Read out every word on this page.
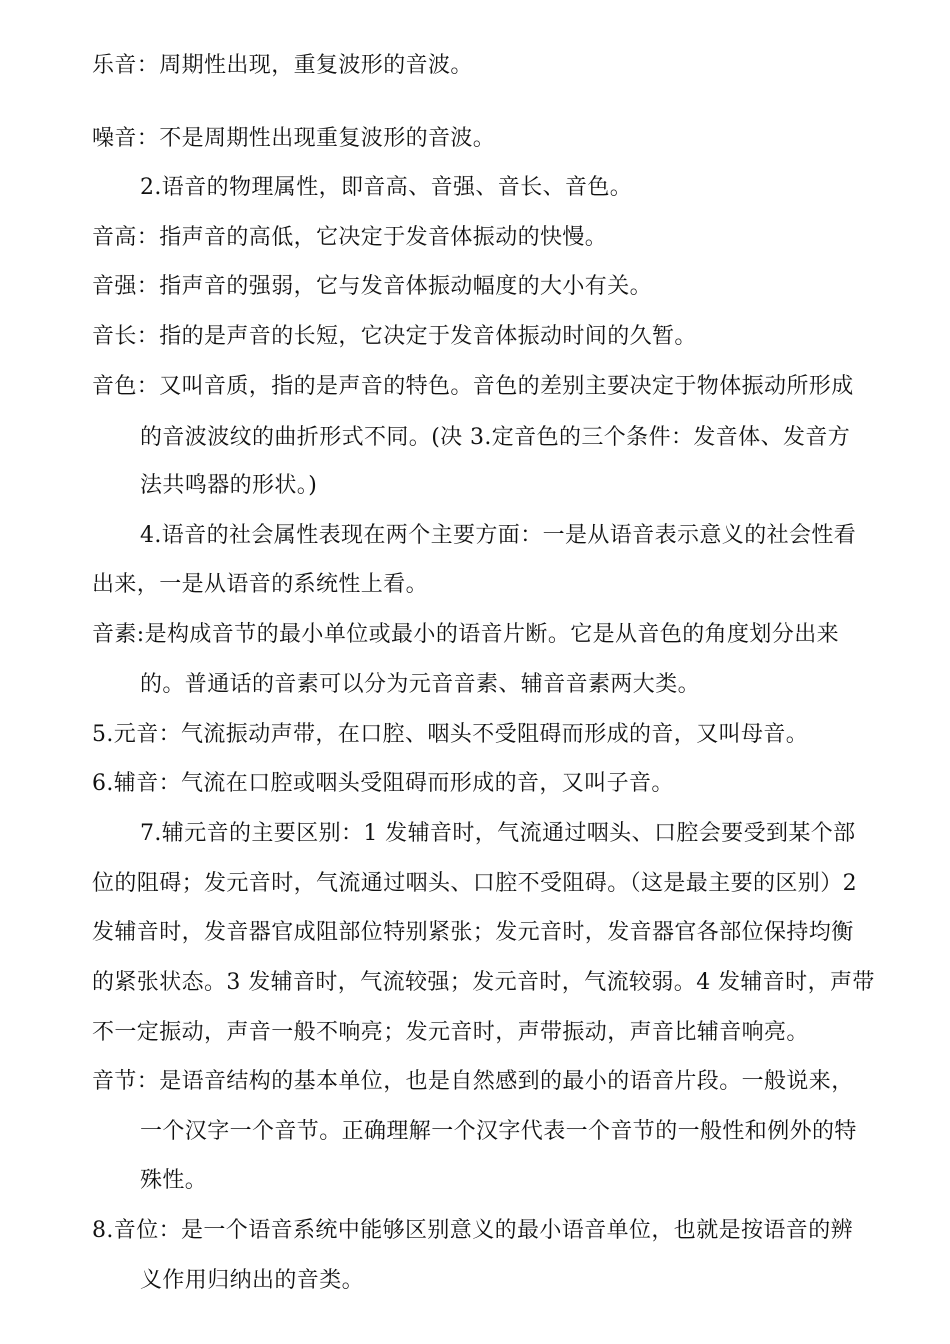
乐音：周期性出现，重复波形的音波。
噪音：不是周期性出现重复波形的音波。
2.语音的物理属性，即音高、音强、音长、音色。
音高：指声音的高低，它决定于发音体振动的快慢。
音强：指声音的强弱，它与发音体振动幅度的大小有关。
音长：指的是声音的长短，它决定于发音体振动时间的久暂。
音色：又叫音质，指的是声音的特色。音色的差别主要决定于物体振动所形成
的音波波纹的曲折形式不同。(决 3.定音色的三个条件：发音体、发音方
法共鸣器的形状。)
4.语音的社会属性表现在两个主要方面：一是从语音表示意义的社会性看
出来，一是从语音的系统性上看。
音素:是构成音节的最小单位或最小的语音片断。它是从音色的角度划分出来
的。普通话的音素可以分为元音音素、辅音音素两大类。
5.元音：气流振动声带，在口腔、咽头不受阻碍而形成的音，又叫母音。
6.辅音：气流在口腔或咽头受阻碍而形成的音，又叫子音。
7.辅元音的主要区别：1 发辅音时，气流通过咽头、口腔会要受到某个部
位的阻碍；发元音时，气流通过咽头、口腔不受阻碍。（这是最主要的区别）2
发辅音时，发音器官成阻部位特别紧张；发元音时，发音器官各部位保持均衡
的紧张状态。3 发辅音时，气流较强；发元音时，气流较弱。4 发辅音时，声带
不一定振动，声音一般不响亮；发元音时，声带振动，声音比辅音响亮。
音节：是语音结构的基本单位，也是自然感到的最小的语音片段。一般说来，
一个汉字一个音节。正确理解一个汉字代表一个音节的一般性和例外的特
殊性。
8.音位：是一个语音系统中能够区别意义的最小语音单位，也就是按语音的辨
义作用归纳出的音类。
